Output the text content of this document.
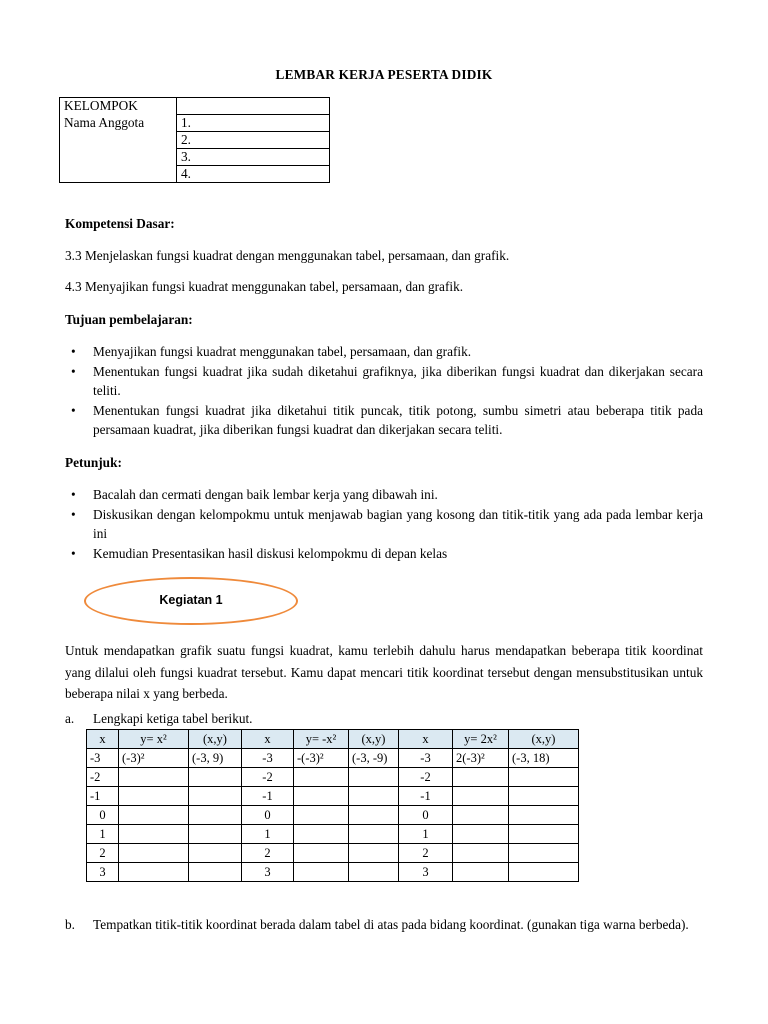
LEMBAR KERJA PESERTA DIDIK
KELOMPOK	
Nama Anggota	1.
	2.
	3.
	4.

Kompetensi Dasar:

3.3 Menjelaskan fungsi kuadrat dengan menggunakan tabel, persamaan, dan grafik.

4.3 Menyajikan fungsi kuadrat menggunakan tabel, persamaan, dan grafik.

Tujuan pembelajaran:

• Menyajikan fungsi kuadrat menggunakan tabel, persamaan, dan grafik.
• Menentukan fungsi kuadrat jika sudah diketahui grafiknya, jika diberikan fungsi kuadrat dan dikerjakan secara teliti.
• Menentukan fungsi kuadrat jika diketahui titik puncak, titik potong, sumbu simetri atau beberapa titik pada persamaan kuadrat, jika diberikan fungsi kuadrat dan dikerjakan secara teliti.

Petunjuk:

• Bacalah dan cermati dengan baik lembar kerja yang dibawah ini.
• Diskusikan dengan kelompokmu untuk menjawab bagian yang kosong dan titik-titik yang ada pada lembar kerja ini
• Kemudian Presentasikan hasil diskusi kelompokmu di depan kelas
Kegiatan 1

Untuk mendapatkan grafik suatu fungsi kuadrat, kamu terlebih dahulu harus mendapatkan beberapa titik koordinat yang dilalui oleh fungsi kuadrat tersebut. Kamu dapat mencari titik koordinat tersebut dengan mensubstitusikan untuk beberapa nilai x yang berbeda.

a. Lengkapi ketiga tabel berikut.
x	y= x²	(x,y)	x	y= -x²	(x,y)	x	y= 2x²	(x,y)
-3	(-3)²	(-3, 9)	-3	-(-3)²	(-3, -9)	-3	2(-3)²	(-3, 18)
-2			-2			-2		
-1			-1			-1		
0			0			0		
1			1			1		
2			2			2		
3			3			3		
b. Tempatkan titik-titik koordinat berada dalam tabel di atas pada bidang koordinat. (gunakan tiga warna berbeda).
